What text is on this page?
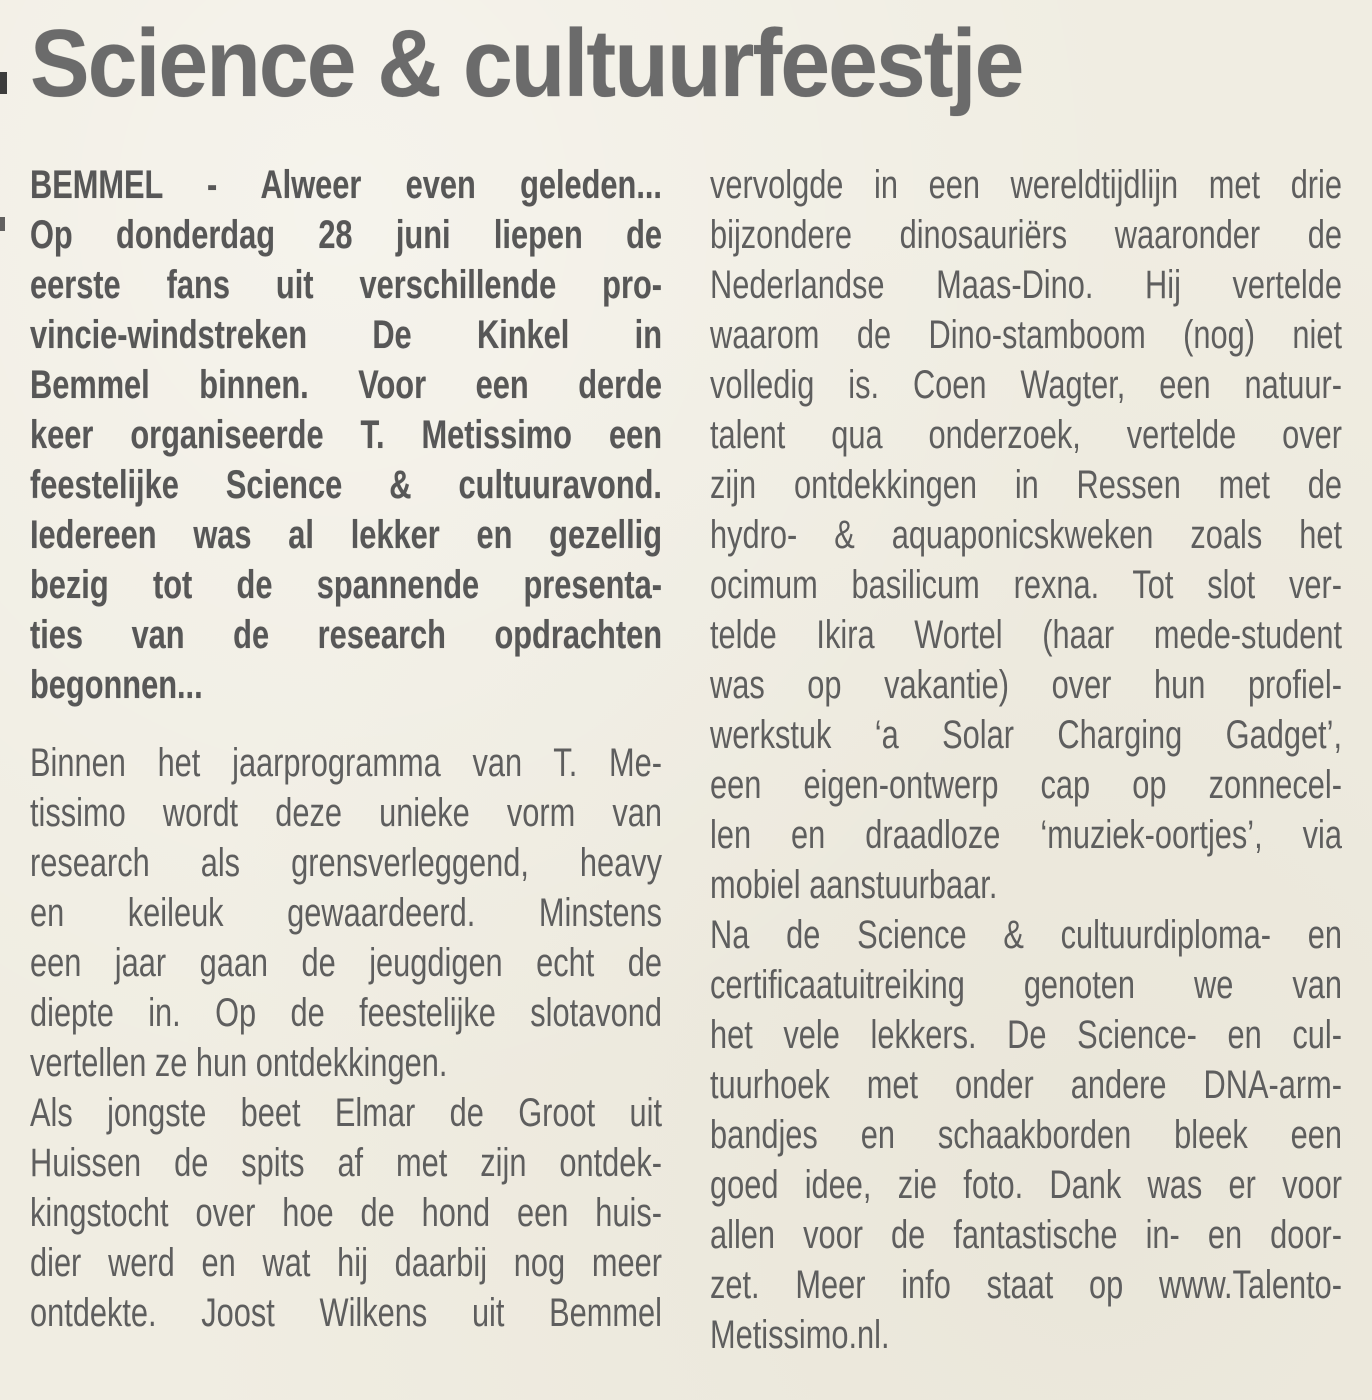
Science & cultuurfeestje
BEMMEL - Alweer even geleden...
Op donderdag 28 juni liepen de
eerste fans uit verschillende pro-
vincie-windstreken De Kinkel in
Bemmel binnen. Voor een derde
keer organiseerde T. Metissimo een
feestelijke Science & cultuuravond.
Iedereen was al lekker en gezellig
bezig tot de spannende presenta-
ties van de research opdrachten
begonnen...
Binnen het jaarprogramma van T. Me-
tissimo wordt deze unieke vorm van
research als grensverleggend, heavy
en keileuk gewaardeerd. Minstens
een jaar gaan de jeugdigen echt de
diepte in. Op de feestelijke slotavond
vertellen ze hun ontdekkingen.
Als jongste beet Elmar de Groot uit
Huissen de spits af met zijn ontdek-
kingstocht over hoe de hond een huis-
dier werd en wat hij daarbij nog meer
ontdekte. Joost Wilkens uit Bemmel
vervolgde in een wereldtijdlijn met drie
bijzondere dinosauriërs waaronder de
Nederlandse Maas-Dino. Hij vertelde
waarom de Dino-stamboom (nog) niet
volledig is. Coen Wagter, een natuur-
talent qua onderzoek, vertelde over
zijn ontdekkingen in Ressen met de
hydro- & aquaponicskweken zoals het
ocimum basilicum rexna. Tot slot ver-
telde Ikira Wortel (haar mede-student
was op vakantie) over hun profiel-
werkstuk ‘a Solar Charging Gadget’,
een eigen-ontwerp cap op zonnecel-
len en draadloze ‘muziek-oortjes’, via
mobiel aanstuurbaar.
Na de Science & cultuurdiploma- en
certificaatuitreiking genoten we van
het vele lekkers. De Science- en cul-
tuurhoek met onder andere DNA-arm-
bandjes en schaakborden bleek een
goed idee, zie foto. Dank was er voor
allen voor de fantastische in- en door-
zet. Meer info staat op www.Talento-
Metissimo.nl.
